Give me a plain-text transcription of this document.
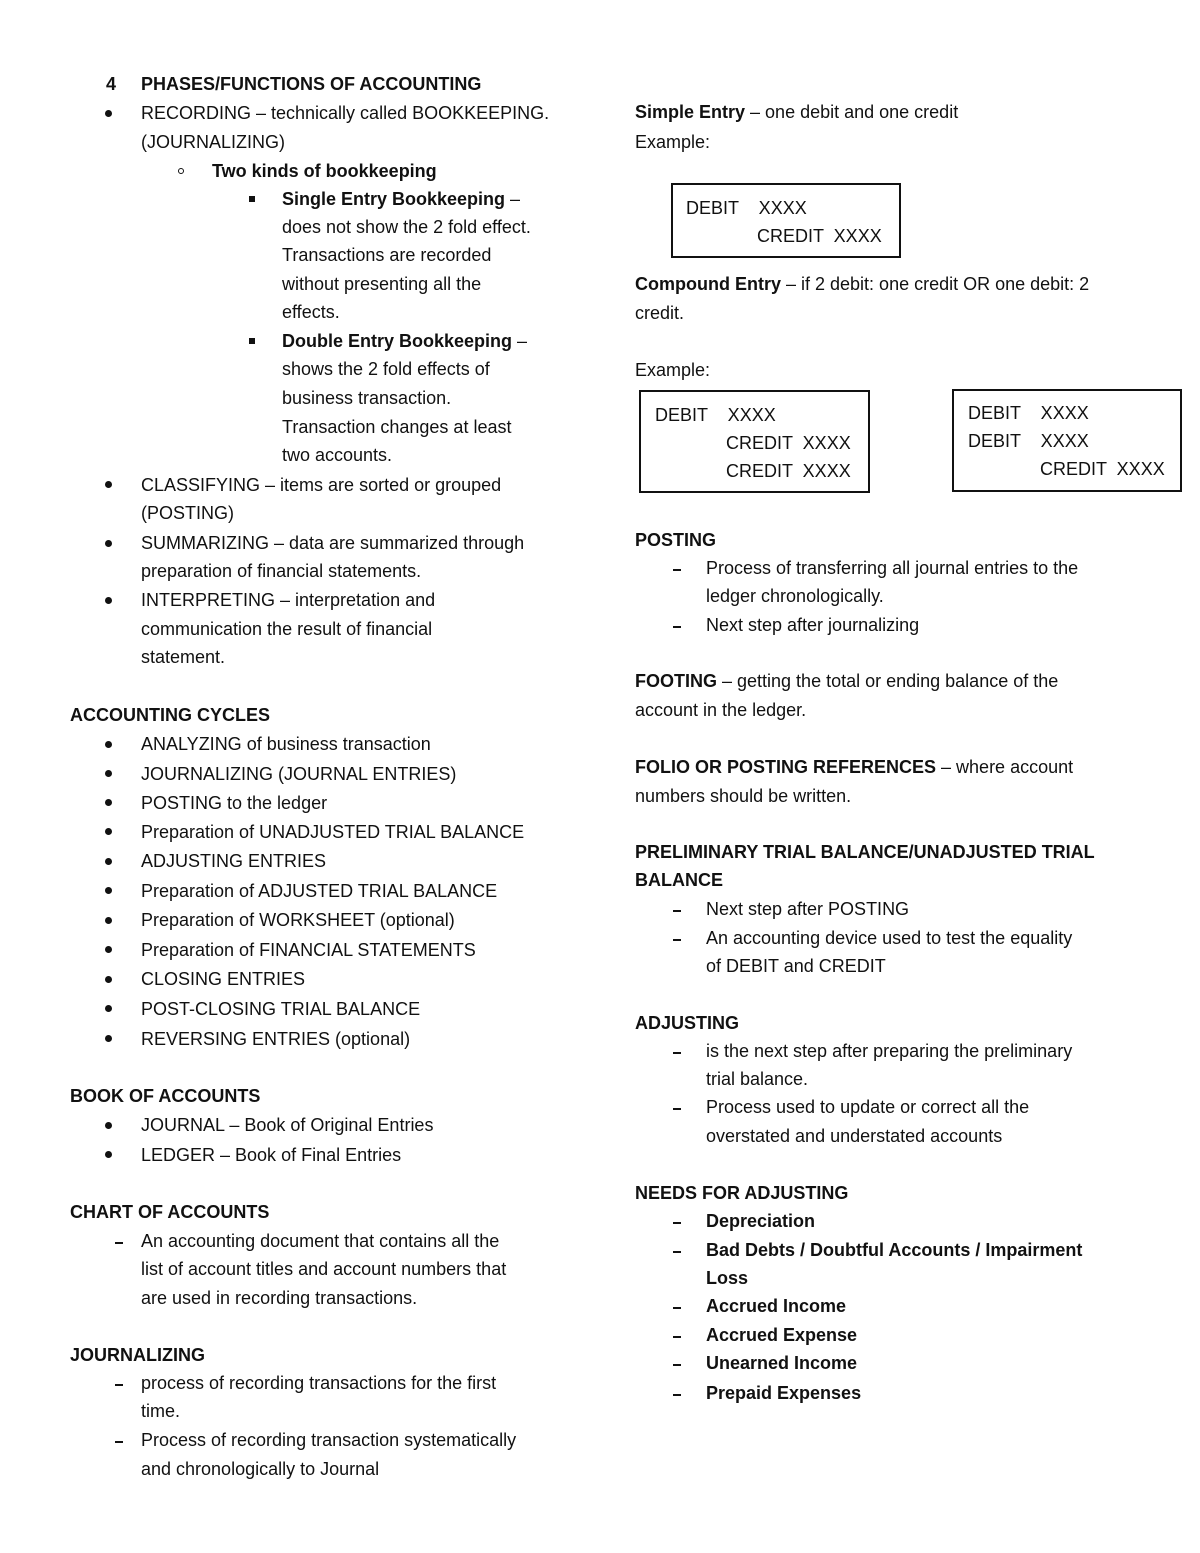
4 PHASES/FUNCTIONS OF ACCOUNTING
RECORDING – technically called BOOKKEEPING.
(JOURNALIZING)
Two kinds of bookkeeping
Single Entry Bookkeeping –
does not show the 2 fold effect.
Transactions are recorded
without presenting all the
effects.
Double Entry Bookkeeping –
shows the 2 fold effects of
business transaction.
Transaction changes at least
two accounts.
CLASSIFYING – items are sorted or grouped
(POSTING)
SUMMARIZING – data are summarized through
preparation of financial statements.
INTERPRETING – interpretation and
communication the result of financial
statement.
ACCOUNTING CYCLES
ANALYZING of business transaction
JOURNALIZING (JOURNAL ENTRIES)
POSTING to the ledger
Preparation of UNADJUSTED TRIAL BALANCE
ADJUSTING ENTRIES
Preparation of ADJUSTED TRIAL BALANCE
Preparation of WORKSHEET (optional)
Preparation of FINANCIAL STATEMENTS
CLOSING ENTRIES
POST-CLOSING TRIAL BALANCE
REVERSING ENTRIES (optional)
BOOK OF ACCOUNTS
JOURNAL – Book of Original Entries
LEDGER – Book of Final Entries
CHART OF ACCOUNTS
An accounting document that contains all the
list of account titles and account numbers that
are used in recording transactions.
JOURNALIZING
process of recording transactions for the first
time.
Process of recording transaction systematically
and chronologically to Journal
Simple Entry – one debit and one credit
Example:
DEBIT    XXXX
CREDIT  XXXX
Compound Entry – if 2 debit: one credit OR one debit: 2
credit.
Example:
DEBIT    XXXX
CREDIT  XXXX
CREDIT  XXXX
DEBIT    XXXX
DEBIT    XXXX
CREDIT  XXXX
POSTING
Process of transferring all journal entries to the
ledger chronologically.
Next step after journalizing
FOOTING – getting the total or ending balance of the
account in the ledger.
FOLIO OR POSTING REFERENCES – where account
numbers should be written.
PRELIMINARY TRIAL BALANCE/UNADJUSTED TRIAL
BALANCE
Next step after POSTING
An accounting device used to test the equality
of DEBIT and CREDIT
ADJUSTING
is the next step after preparing the preliminary
trial balance.
Process used to update or correct all the
overstated and understated accounts
NEEDS FOR ADJUSTING
Depreciation
Bad Debts / Doubtful Accounts / Impairment
Loss
Accrued Income
Accrued Expense
Unearned Income
Prepaid Expenses
